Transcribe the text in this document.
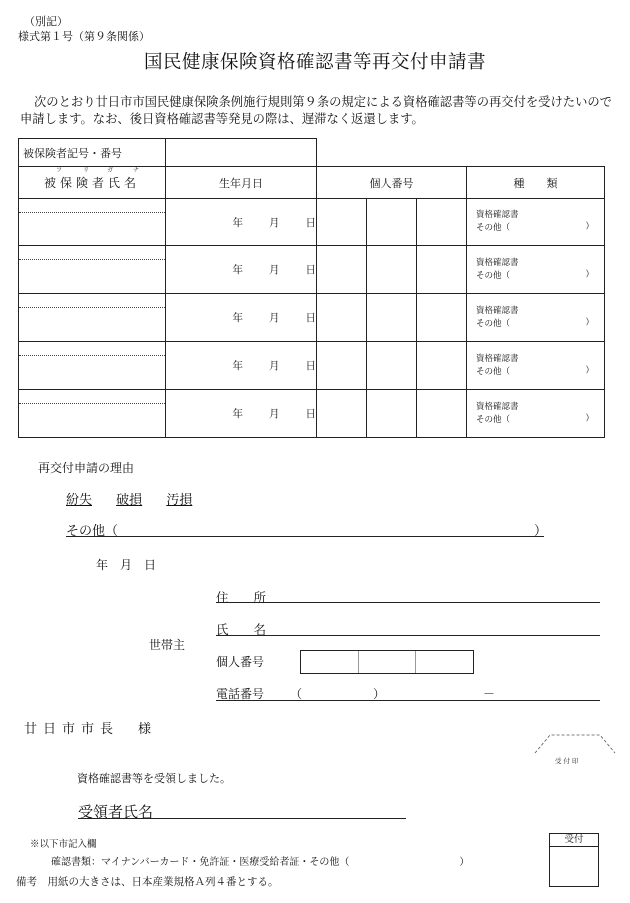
（別記）
様式第１号（第９条関係）
国民健康保険資格確認書等再交付申請書
次のとおり廿日市市国民健康保険条例施行規則第９条の規定による資格確認書等の再交付を受けたいので申請します。なお、後日資格確認書等発見の際は、遅滞なく返還します。
被保険者記号・番号					

フ リ ガ ナ
被保険者氏名	生年月日	個人番号			種　　類

	年 月 日				資格確認書
その他（ ）

	年 月 日				資格確認書
その他（ ）

	年 月 日				資格確認書
その他（ ）

	年 月 日				資格確認書
その他（ ）

	年 月 日				資格確認書
その他（ ）
再交付申請の理由
紛失 破損 汚損
その他（	）
年　月　日
住　　所
氏　　名
世帯主
個人番号
電話番号 （	）	－
廿日市市長　様
受付印
資格確認書等を受領しました。
受領者氏名
※以下市記入欄
確認書類：マイナンバーカード・免許証・医療受給者証・その他（　　　　　　　　　　　）
備考　用紙の大きさは、日本産業規格Ａ列４番とする。
受付
